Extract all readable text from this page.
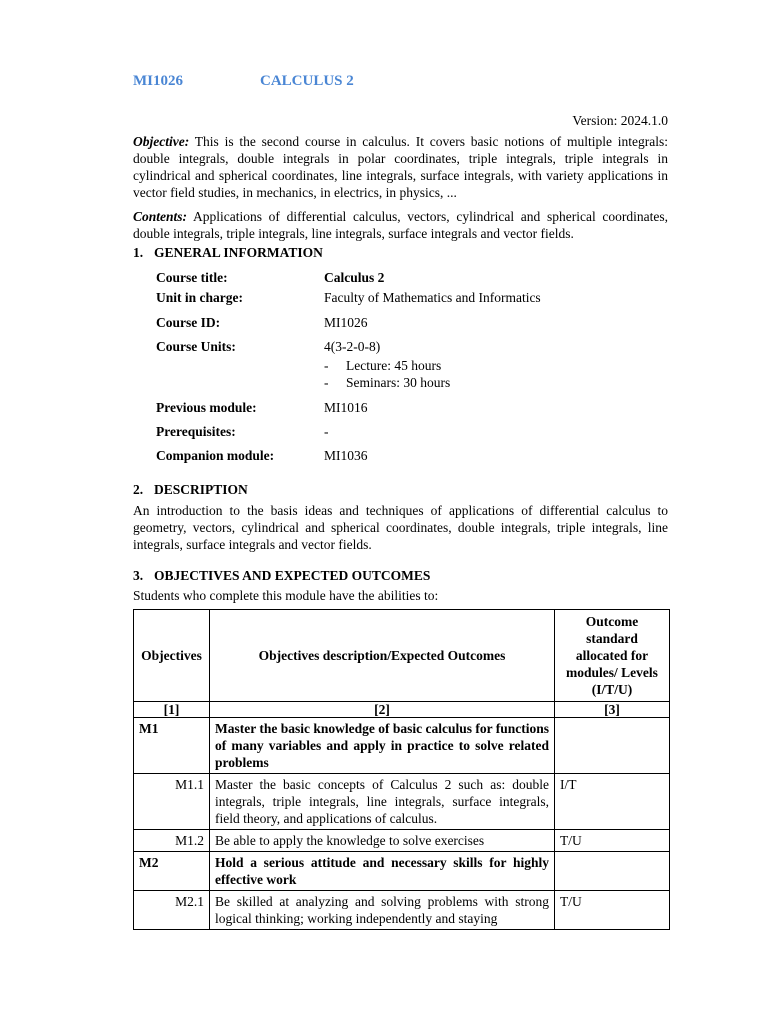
MI1026	CALCULUS 2
Version: 2024.1.0
Objective: This is the second course in calculus. It covers basic notions of multiple integrals: double integrals, double integrals in polar coordinates, triple integrals, triple integrals in cylindrical and spherical coordinates, line integrals, surface integrals, with variety applications in vector field studies, in mechanics, in electrics, in physics, ...
Contents: Applications of differential calculus, vectors, cylindrical and spherical coordinates, double integrals, triple integrals, line integrals, surface integrals and vector fields.
1. GENERAL INFORMATION
Course title:	Calculus 2
Unit in charge:	Faculty of Mathematics and Informatics
Course ID:	MI1026
Course Units:	4(3-2-0-8)
- Lecture: 45 hours
- Seminars: 30 hours
Previous module:	MI1016
Prerequisites:	-
Companion module:	MI1036
2. DESCRIPTION
An introduction to the basis ideas and techniques of applications of differential calculus to geometry, vectors, cylindrical and spherical coordinates, double integrals, triple integrals, line integrals, surface integrals and vector fields.
3. OBJECTIVES AND EXPECTED OUTCOMES
Students who complete this module have the abilities to:
Objectives	Objectives description/Expected Outcomes	Outcome standard allocated for modules/ Levels (I/T/U)
[1]	[2]	[3]
M1	Master the basic knowledge of basic calculus for functions of many variables and apply in practice to solve related problems	
M1.1	Master the basic concepts of Calculus 2 such as: double integrals, triple integrals, line integrals, surface integrals, field theory, and applications of calculus.	I/T
M1.2	Be able to apply the knowledge to solve exercises	T/U
M2	Hold a serious attitude and necessary skills for highly effective work	
M2.1	Be skilled at analyzing and solving problems with strong logical thinking; working independently and staying	T/U
